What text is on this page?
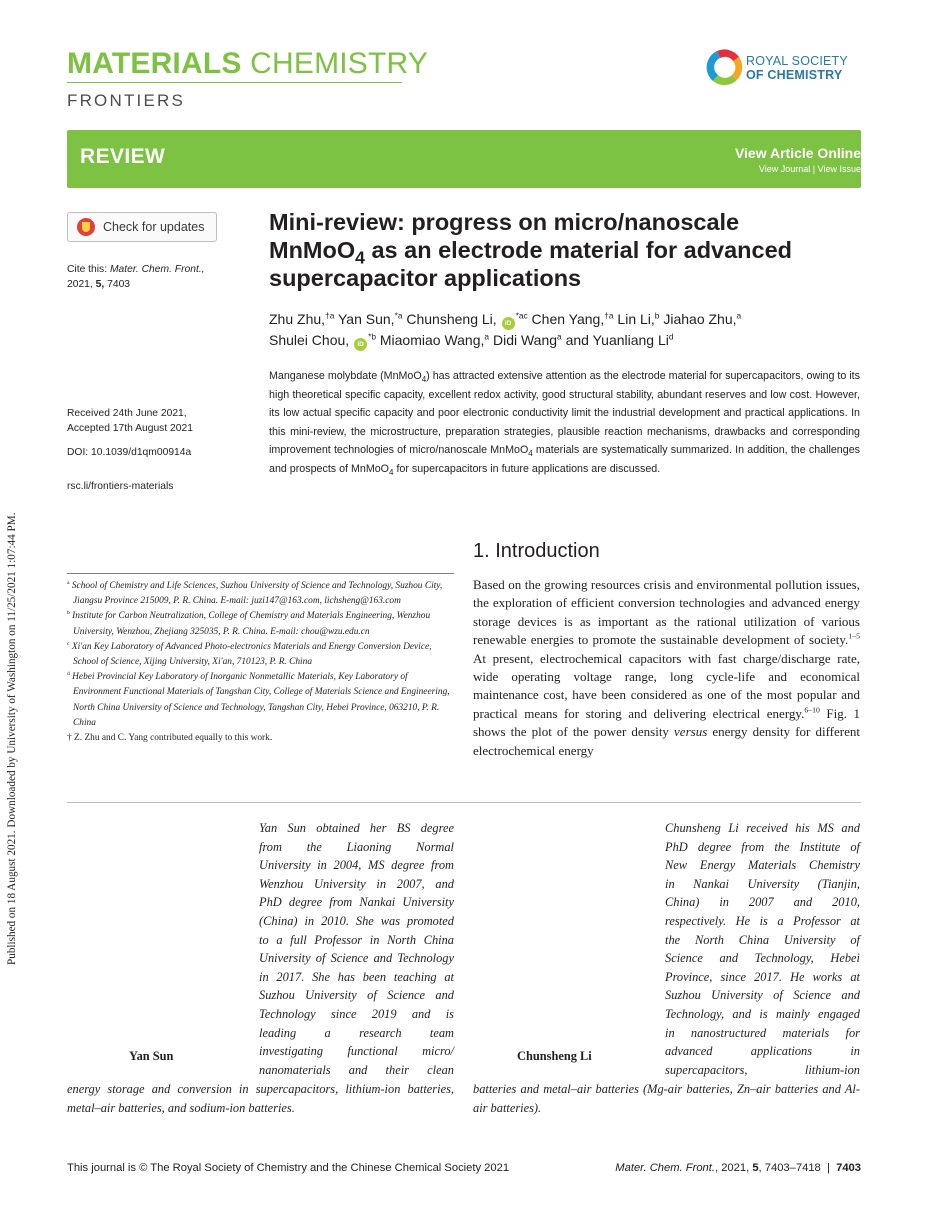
Published on 18 August 2021. Downloaded by University of Washington on 11/25/2021 1:07:44 PM.
MATERIALS CHEMISTRY
FRONTIERS
ROYAL SOCIETY
OF CHEMISTRY
REVIEW	View Article Online
View Journal | View Issue
Check for updates
Cite this: Mater. Chem. Front.,
2021, 5, 7403
Received 24th June 2021,
Accepted 17th August 2021
DOI: 10.1039/d1qm00914a
rsc.li/frontiers-materials
Mini-review: progress on micro/nanoscale
MnMoO$_4$ as an electrode material for advanced
supercapacitor applications
Zhu Zhu,$^{\dagger a}$ Yan Sun,$^{*a}$ Chunsheng Li, $iD^{*ac}$ Chen Yang,$^{\dagger a}$ Lin Li,$^b$ Jiahao Zhu,$^a$
Shulei Chou, $iD^{*b}$ Miaomiao Wang,$^a$ Didi Wang$^a$ and Yuanliang Li$^d$
Manganese molybdate (MnMoO$_4$) has attracted extensive attention as the electrode material for supercapacitors, owing to its high theoretical specific capacity, excellent redox activity, good structural stability, abundant reserves and low cost. However, its low actual specific capacity and poor electronic conductivity limit the industrial development and practical applications. In this mini-review, the microstructure, preparation strategies, plausible reaction mechanisms, drawbacks and corresponding improvement technologies of micro/nanoscale MnMoO$_4$ materials are systematically summarized. In addition, the challenges and prospects of MnMoO$_4$ for supercapacitors in future applications are discussed.
1. Introduction
Based on the growing resources crisis and environmental pollution issues, the exploration of efficient conversion technologies and advanced energy storage devices is as important as the rational utilization of various renewable energies to promote the sustainable development of society.$^{1-5}$ At present, electrochemical capacitors with fast charge/discharge rate, wide operating voltage range, long cycle-life and economical maintenance cost, have been considered as one of the most popular and practical means for storing and delivering electrical energy.$^{6-10}$ Fig. 1 shows the plot of the power density versus energy density for different electrochemical energy
$^a$ School of Chemistry and Life Sciences, Suzhou University of Science and Technology, Suzhou City, Jiangsu Province 215009, P. R. China. E-mail: juzi147@163.com, lichsheng@163.com
$^b$ Institute for Carbon Neutralization, College of Chemistry and Materials Engineering, Wenzhou University, Wenzhou, Zhejiang 325035, P. R. China. E-mail: chou@wzu.edu.cn
$^c$ Xi'an Key Laboratory of Advanced Photo-electronics Materials and Energy Conversion Device, School of Science, Xijing University, Xi'an, 710123, P. R. China
$^d$ Hebei Provincial Key Laboratory of Inorganic Nonmetallic Materials, Key Laboratory of Environment Functional Materials of Tangshan City, College of Materials Science and Engineering, North China University of Science and Technology, Tangshan City, Hebei Province, 063210, P. R. China
† Z. Zhu and C. Yang contributed equally to this work.
Yan Sun
Yan Sun obtained her BS degree
from the Liaoning Normal
University in 2004, MS degree from
Wenzhou University in 2007, and
PhD degree from Nankai University
(China) in 2010. She was promoted
to a full Professor in North China
University of Science and Technology
in 2017. She has been teaching at
Suzhou University of Science and
Technology since 2019 and is
leading a research team
investigating functional micro/
nanomaterials and their clean
energy storage and conversion in supercapacitors, lithium-ion batteries, metal–air batteries, and sodium-ion batteries.
Chunsheng Li
Chunsheng Li received his MS and
PhD degree from the Institute of
New Energy Materials Chemistry
in Nankai University (Tianjin,
China) in 2007 and 2010,
respectively. He is a Professor at
the North China University of
Science and Technology, Hebei
Province, since 2017. He works at
Suzhou University of Science and
Technology, and is mainly engaged
in nanostructured materials for
advanced applications in
supercapacitors, lithium-ion
batteries and metal–air batteries (Mg-air batteries, Zn–air batteries and Al-air batteries).
This journal is © The Royal Society of Chemistry and the Chinese Chemical Society 2021	Mater. Chem. Front., 2021, 5, 7403–7418 | 7403
